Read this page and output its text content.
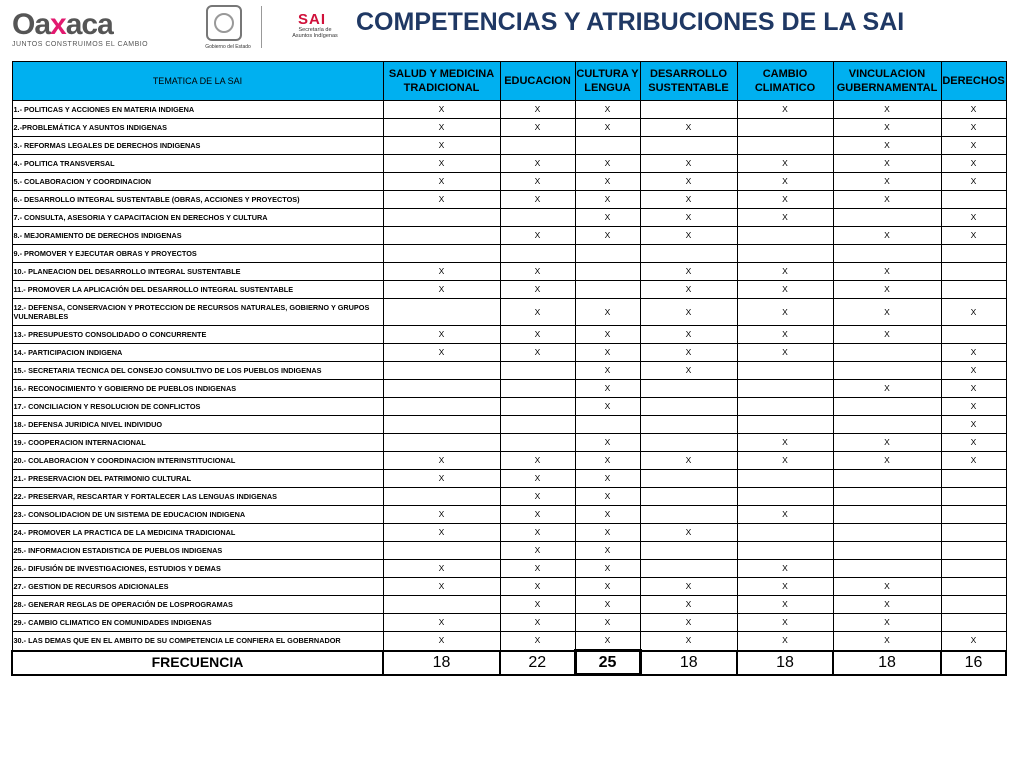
Oaxaca
JUNTOS CONSTRUIMOS EL CAMBIO	Gobierno del Estado
SAI
Secretaría de Asuntos Indígenas COMPETENCIAS Y ATRIBUCIONES DE LA SAI
TEMATICA DE LA SAI	SALUD Y MEDICINA TRADICIONAL	EDUCACION	CULTURA Y LENGUA	DESARROLLO SUSTENTABLE	CAMBIO CLIMATICO	VINCULACION GUBERNAMENTAL	DERECHOS
1.- POLITICAS Y ACCIONES EN MATERIA INDIGENA	X	X	X		X	X	X
2.-PROBLEMÁTICA Y ASUNTOS INDIGENAS	X	X	X	X		X	X
3.- REFORMAS LEGALES DE DERECHOS INDIGENAS	X					X	X
4.- POLITICA TRANSVERSAL	X	X	X	X	X	X	X
5.- COLABORACION Y COORDINACION	X	X	X	X	X	X	X
6.- DESARROLLO INTEGRAL SUSTENTABLE (OBRAS, ACCIONES Y PROYECTOS)	X	X	X	X	X	X	
7.- CONSULTA, ASESORIA Y CAPACITACION EN DERECHOS Y CULTURA			X	X	X		X
8.- MEJORAMIENTO DE DERECHOS INDIGENAS		X	X	X		X	X
9.- PROMOVER Y EJECUTAR OBRAS Y PROYECTOS							
10.- PLANEACION DEL DESARROLLO INTEGRAL SUSTENTABLE	X	X		X	X	X	
11.- PROMOVER LA APLICACIÓN DEL DESARROLLO INTEGRAL SUSTENTABLE	X	X		X	X	X	
12.- DEFENSA, CONSERVACION Y PROTECCION DE RECURSOS NATURALES, GOBIERNO Y GRUPOS VULNERABLES		X	X	X	X	X	X
13.- PRESUPUESTO CONSOLIDADO O CONCURRENTE	X	X	X	X	X	X	
14.- PARTICIPACION INDIGENA	X	X	X	X	X		X
15.- SECRETARIA TECNICA DEL CONSEJO CONSULTIVO DE LOS PUEBLOS INDIGENAS			X	X			X
16.- RECONOCIMIENTO Y GOBIERNO DE PUEBLOS INDIGENAS			X			X	X
17.- CONCILIACION Y RESOLUCION DE CONFLICTOS			X				X
18.- DEFENSA JURIDICA NIVEL INDIVIDUO							X
19.- COOPERACION INTERNACIONAL			X		X	X	X
20.- COLABORACION Y COORDINACION INTERINSTITUCIONAL	X	X	X	X	X	X	X
21.- PRESERVACION DEL PATRIMONIO CULTURAL	X	X	X				
22.- PRESERVAR, RESCARTAR Y FORTALECER LAS LENGUAS INDIGENAS		X	X				
23.- CONSOLIDACION DE UN SISTEMA DE EDUCACION INDIGENA	X	X	X		X		
24.- PROMOVER LA PRACTICA DE LA MEDICINA TRADICIONAL	X	X	X	X			
25.- INFORMACION ESTADISTICA DE PUEBLOS INDIGENAS		X	X				
26.- DIFUSIÓN DE INVESTIGACIONES, ESTUDIOS Y DEMAS	X	X	X		X		
27.- GESTION DE RECURSOS ADICIONALES	X	X	X	X	X	X	
28.- GENERAR REGLAS DE OPERACIÓN DE LOSPROGRAMAS		X	X	X	X	X	
29.- CAMBIO CLIMATICO EN COMUNIDADES INDIGENAS	X	X	X	X	X	X	
30.- LAS DEMAS QUE EN EL AMBITO DE SU COMPETENCIA LE CONFIERA EL GOBERNADOR	X	X	X	X	X	X	X
FRECUENCIA	18	22	25	18	18	18	16
